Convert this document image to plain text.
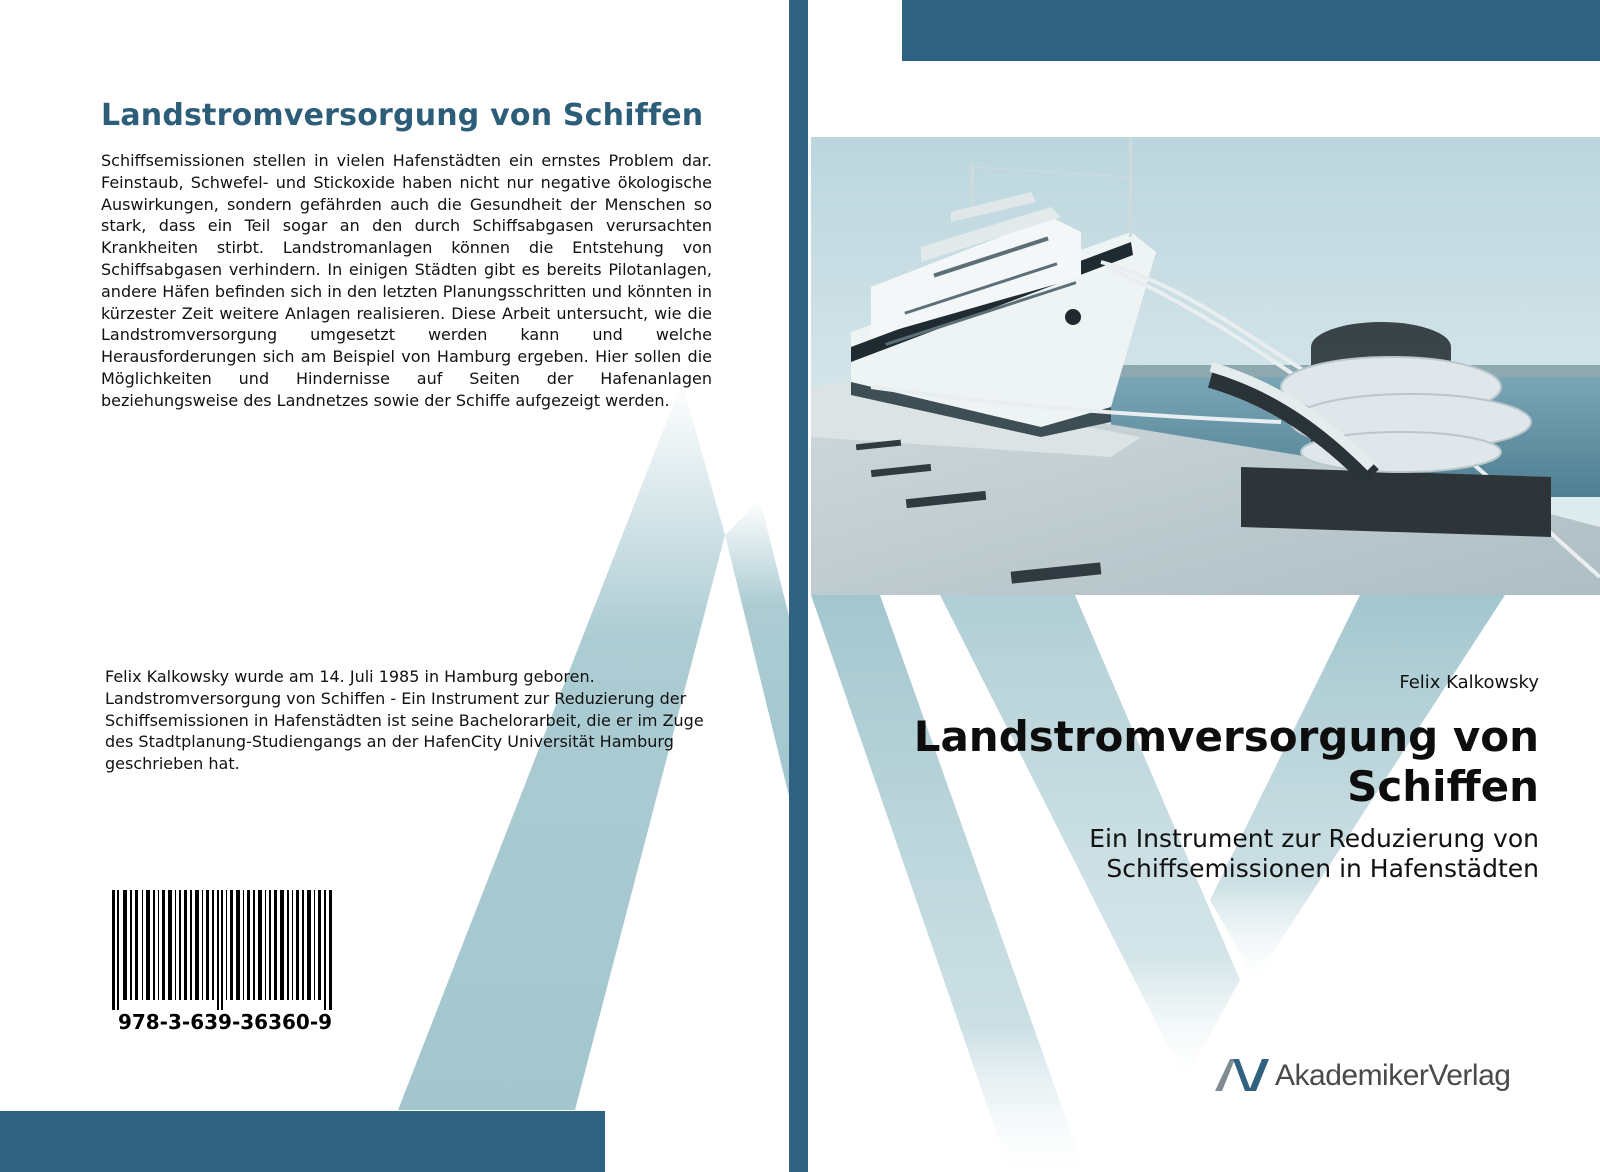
Landstromversorgung von Schiffen
Schiffsemissionen stellen in vielen Hafenstädten ein ernstes Problem dar. Feinstaub, Schwefel- und Stickoxide haben nicht nur negative ökologische Auswirkungen, sondern gefährden auch die Gesundheit der Menschen so stark, dass ein Teil sogar an den durch Schiffsabgasen verursachten Krankheiten stirbt. Landstromanlagen können die Entstehung von Schiffsabgasen verhindern. In einigen Städten gibt es bereits Pilotanlagen, andere Häfen befinden sich in den letzten Planungsschritten und könnten in kürzester Zeit weitere Anlagen realisieren. Diese Arbeit untersucht, wie die Landstromversorgung umgesetzt werden kann und welche Herausforderungen sich am Beispiel von Hamburg ergeben. Hier sollen die Möglichkeiten und Hindernisse auf Seiten der Hafenanlagen beziehungsweise des Landnetzes sowie der Schiffe aufgezeigt werden.
Felix Kalkowsky wurde am 14. Juli 1985 in Hamburg geboren. Landstromversorgung von Schiffen - Ein Instrument zur Reduzierung der Schiffsemissionen in Hafenstädten ist seine Bachelorarbeit, die er im Zuge des Stadtplanung-Studiengangs an der HafenCity Universität Hamburg geschrieben hat.
978-3-639-36360-9
Felix Kalkowsky
Landstromversorgung von Schiffen
Ein Instrument zur Reduzierung von Schiffsemissionen in Hafenstädten
AkademikerVerlag
